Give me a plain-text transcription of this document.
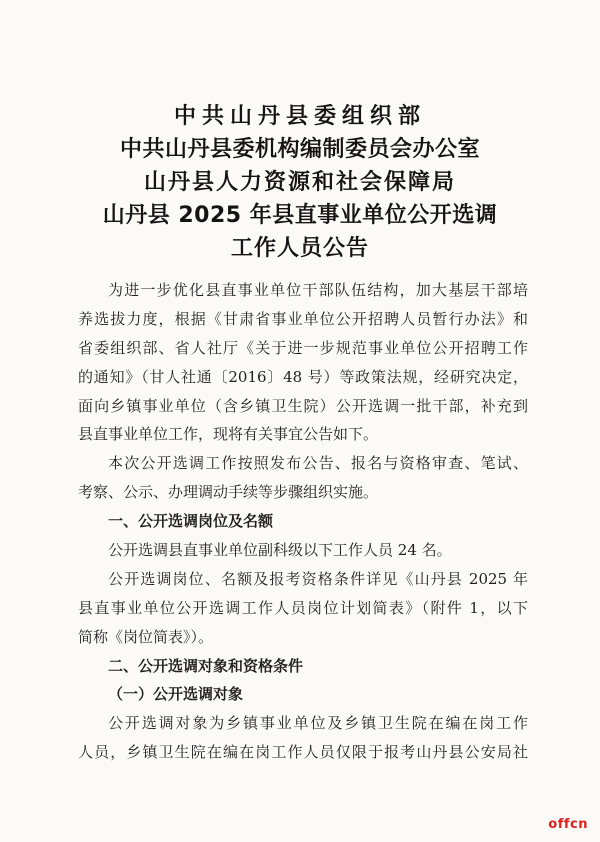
中共山丹县委组织部
中共山丹县委机构编制委员会办公室
山丹县人力资源和社会保障局
山丹县 2025 年县直事业单位公开选调
工作人员公告
为进一步优化县直事业单位干部队伍结构，加大基层干部培
养选拔力度，根据《甘肃省事业单位公开招聘人员暂行办法》和
省委组织部、省人社厅《关于进一步规范事业单位公开招聘工作
的通知》（甘人社通〔2016〕48 号）等政策法规，经研究决定，
面向乡镇事业单位（含乡镇卫生院）公开选调一批干部，补充到
县直事业单位工作，现将有关事宜公告如下。
本次公开选调工作按照发布公告、报名与资格审查、笔试、
考察、公示、办理调动手续等步骤组织实施。
一、公开选调岗位及名额
公开选调县直事业单位副科级以下工作人员 24 名。
公开选调岗位、名额及报考资格条件详见《山丹县 2025 年
县直事业单位公开选调工作人员岗位计划简表》（附件 1，以下
简称《岗位简表》）。
二、公开选调对象和资格条件
（一）公开选调对象
公开选调对象为乡镇事业单位及乡镇卫生院在编在岗工作
人员，乡镇卫生院在编在岗工作人员仅限于报考山丹县公安局社
offcn
